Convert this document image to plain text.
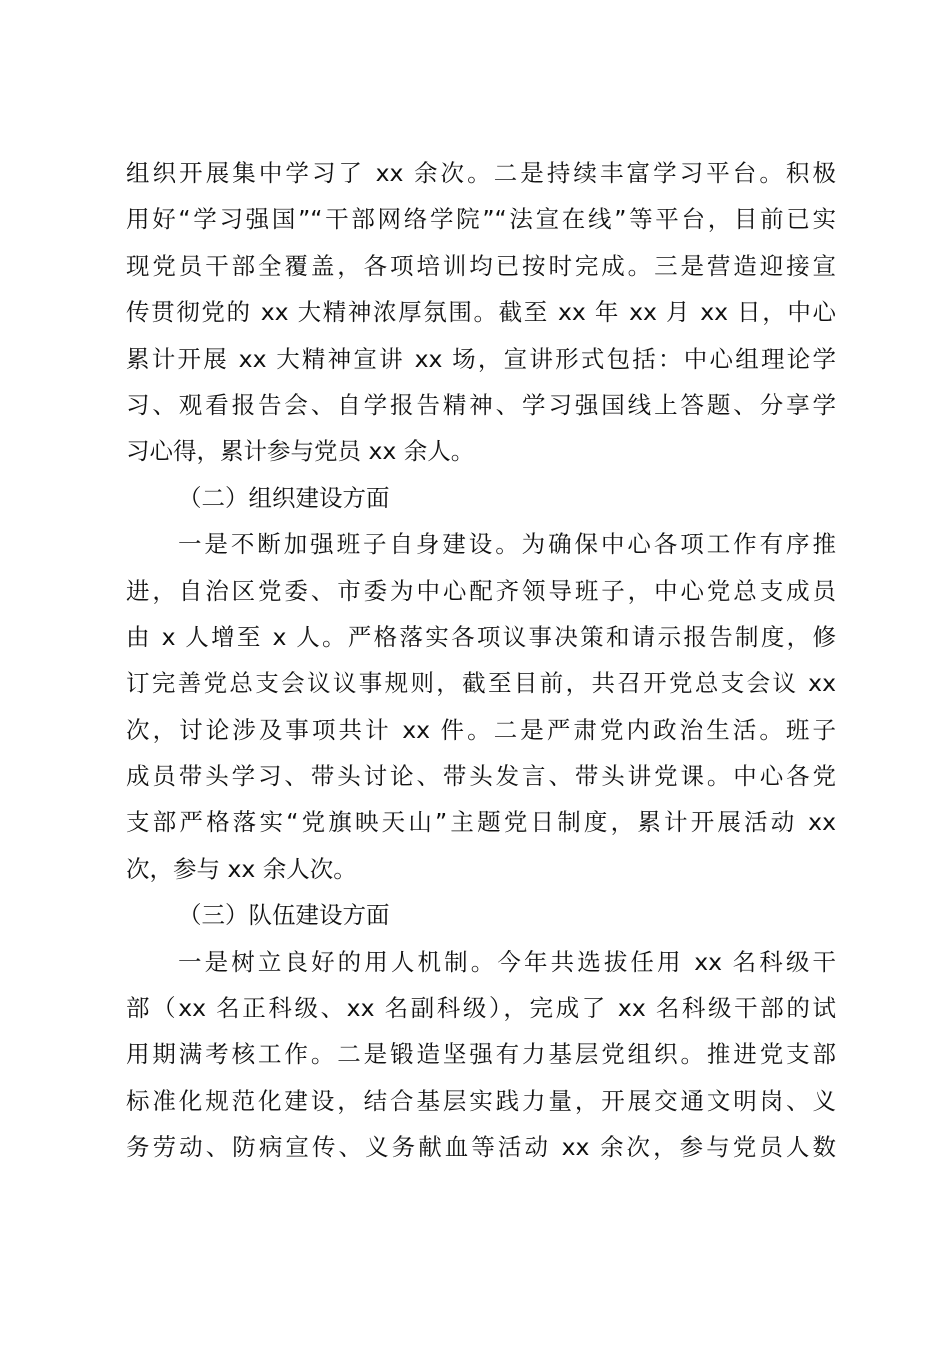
组织开展集中学习了 xx 余次。二是持续丰富学习平台。积极
用好“学习强国”“干部网络学院”“法宣在线”等平台，目前已实
现党员干部全覆盖，各项培训均已按时完成。三是营造迎接宣
传贯彻党的 xx 大精神浓厚氛围。截至 xx 年 xx 月 xx 日，中心
累计开展 xx 大精神宣讲 xx 场，宣讲形式包括：中心组理论学
习、观看报告会、自学报告精神、学习强国线上答题、分享学
习心得，累计参与党员 xx 余人。
（二）组织建设方面
一是不断加强班子自身建设。为确保中心各项工作有序推
进，自治区党委、市委为中心配齐领导班子，中心党总支成员
由 x 人增至 x 人。严格落实各项议事决策和请示报告制度，修
订完善党总支会议议事规则，截至目前，共召开党总支会议 xx
次，讨论涉及事项共计 xx 件。二是严肃党内政治生活。班子
成员带头学习、带头讨论、带头发言、带头讲党课。中心各党
支部严格落实“党旗映天山”主题党日制度，累计开展活动 xx
次，参与 xx 余人次。
（三）队伍建设方面
一是树立良好的用人机制。今年共选拔任用 xx 名科级干
部（xx 名正科级、xx 名副科级），完成了 xx 名科级干部的试
用期满考核工作。二是锻造坚强有力基层党组织。推进党支部
标准化规范化建设，结合基层实践力量，开展交通文明岗、义
务劳动、防病宣传、义务献血等活动 xx 余次，参与党员人数
